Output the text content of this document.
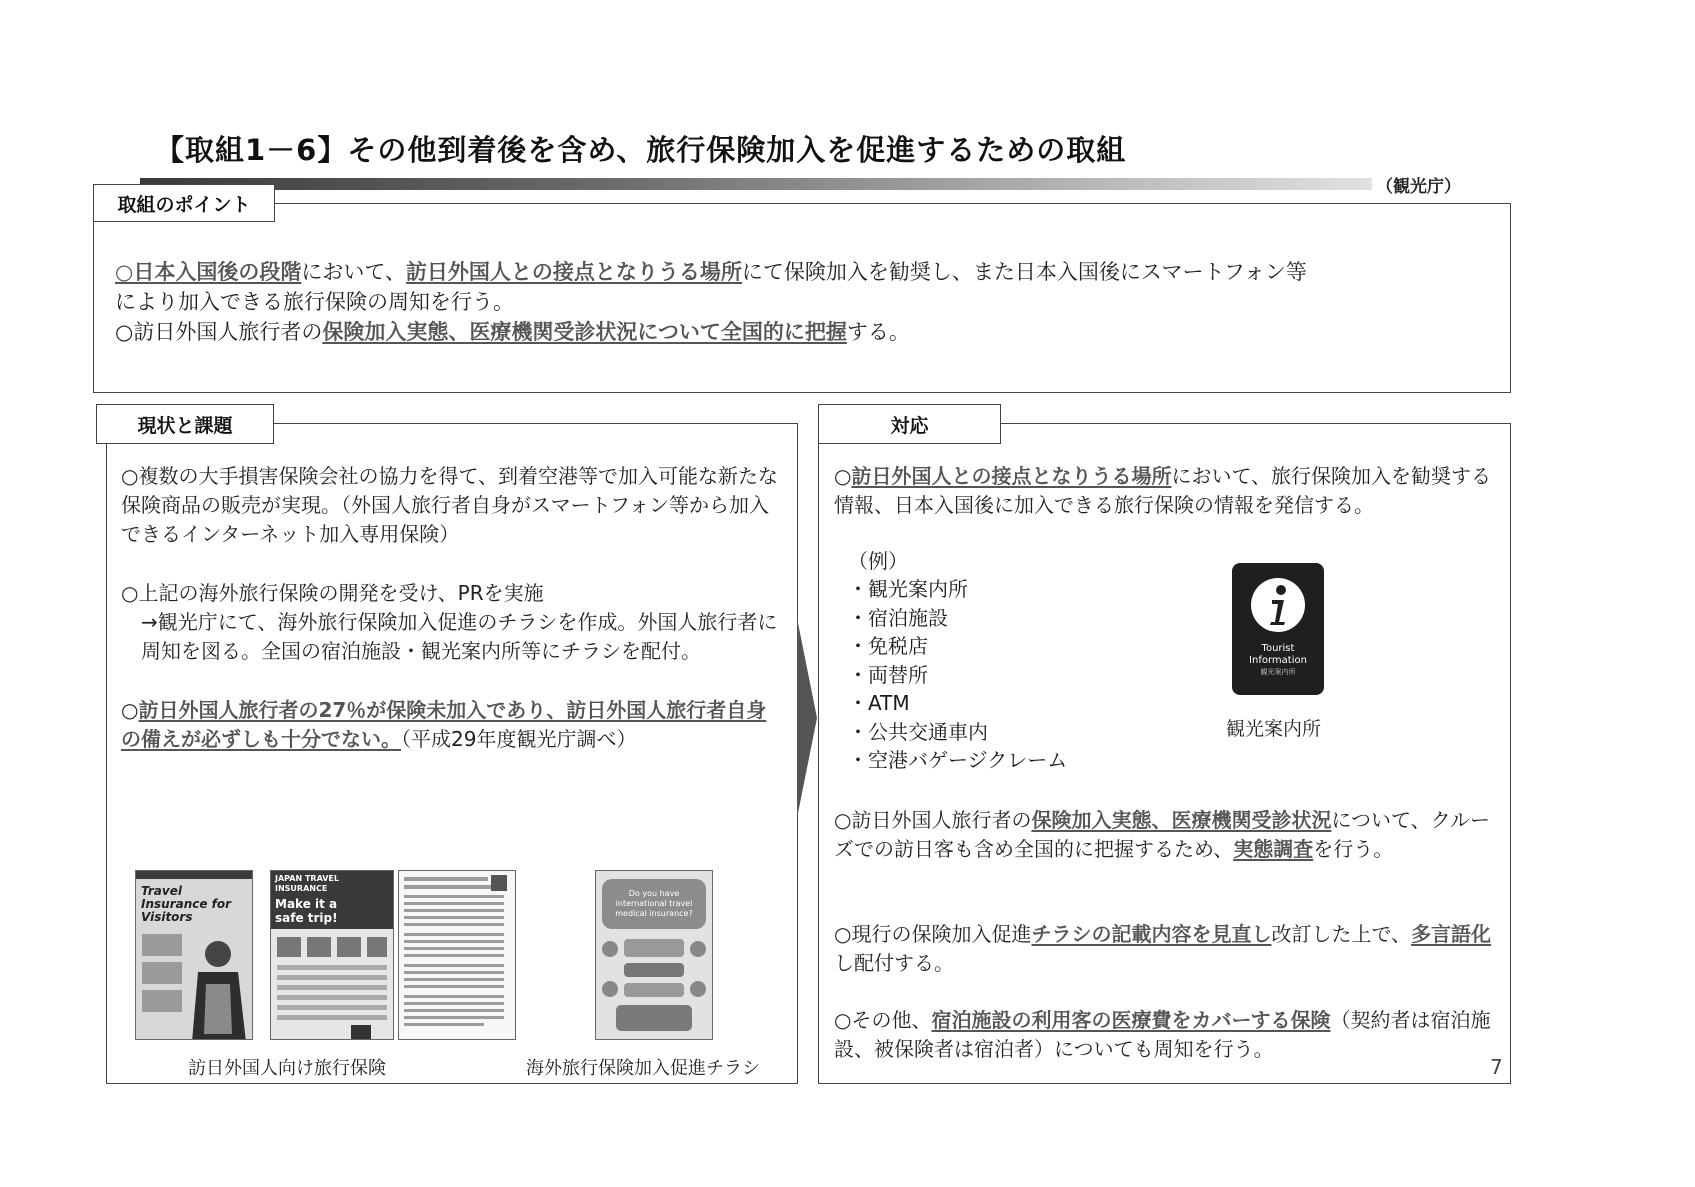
【取組1－6】その他到着後を含め、旅行保険加入を促進するための取組
（観光庁）
取組のポイント
○日本入国後の段階において、訪日外国人との接点となりうる場所にて保険加入を勧奨し、また日本入国後にスマートフォン等
により加入できる旅行保険の周知を行う。
○訪日外国人旅行者の保険加入実態、医療機関受診状況について全国的に把握する。
現状と課題

○複数の大手損害保険会社の協力を得て、到着空港等で加入可能な新たな保険商品の販売が実現。（外国人旅行者自身がスマートフォン等から加入できるインターネット加入専用保険）

○上記の海外旅行保険の開発を受け、PRを実施

→観光庁にて、海外旅行保険加入促進のチラシを作成。外国人旅行者に周知を図る。全国の宿泊施設・観光案内所等にチラシを配付。

○訪日外国人旅行者の27％が保険未加入であり、訪日外国人旅行者自身の備えが必ずしも十分でない。（平成29年度観光庁調べ）

Travel Insurance for Visitors
JAPAN TRAVEL INSURANCE
Make it a safe trip!
Do you have international travel medical insurance?
訪日外国人向け旅行保険	海外旅行保険加入促進チラシ
対応
○訪日外国人との接点となりうる場所において、旅行保険加入を勧奨する情報、日本入国後に加入できる旅行保険の情報を発信する。
（例）
・観光案内所
・宿泊施設
・免税店
・両替所
・ATM
・公共交通車内
・空港バゲージクレーム
Tourist
Information
観光案内所
観光案内所
○訪日外国人旅行者の保険加入実態、医療機関受診状況について、クルーズでの訪日客も含め全国的に把握するため、実態調査を行う。
○現行の保険加入促進チラシの記載内容を見直し改訂した上で、多言語化し配付する。
○その他、宿泊施設の利用客の医療費をカバーする保険（契約者は宿泊施設、被保険者は宿泊者）についても周知を行う。
7
